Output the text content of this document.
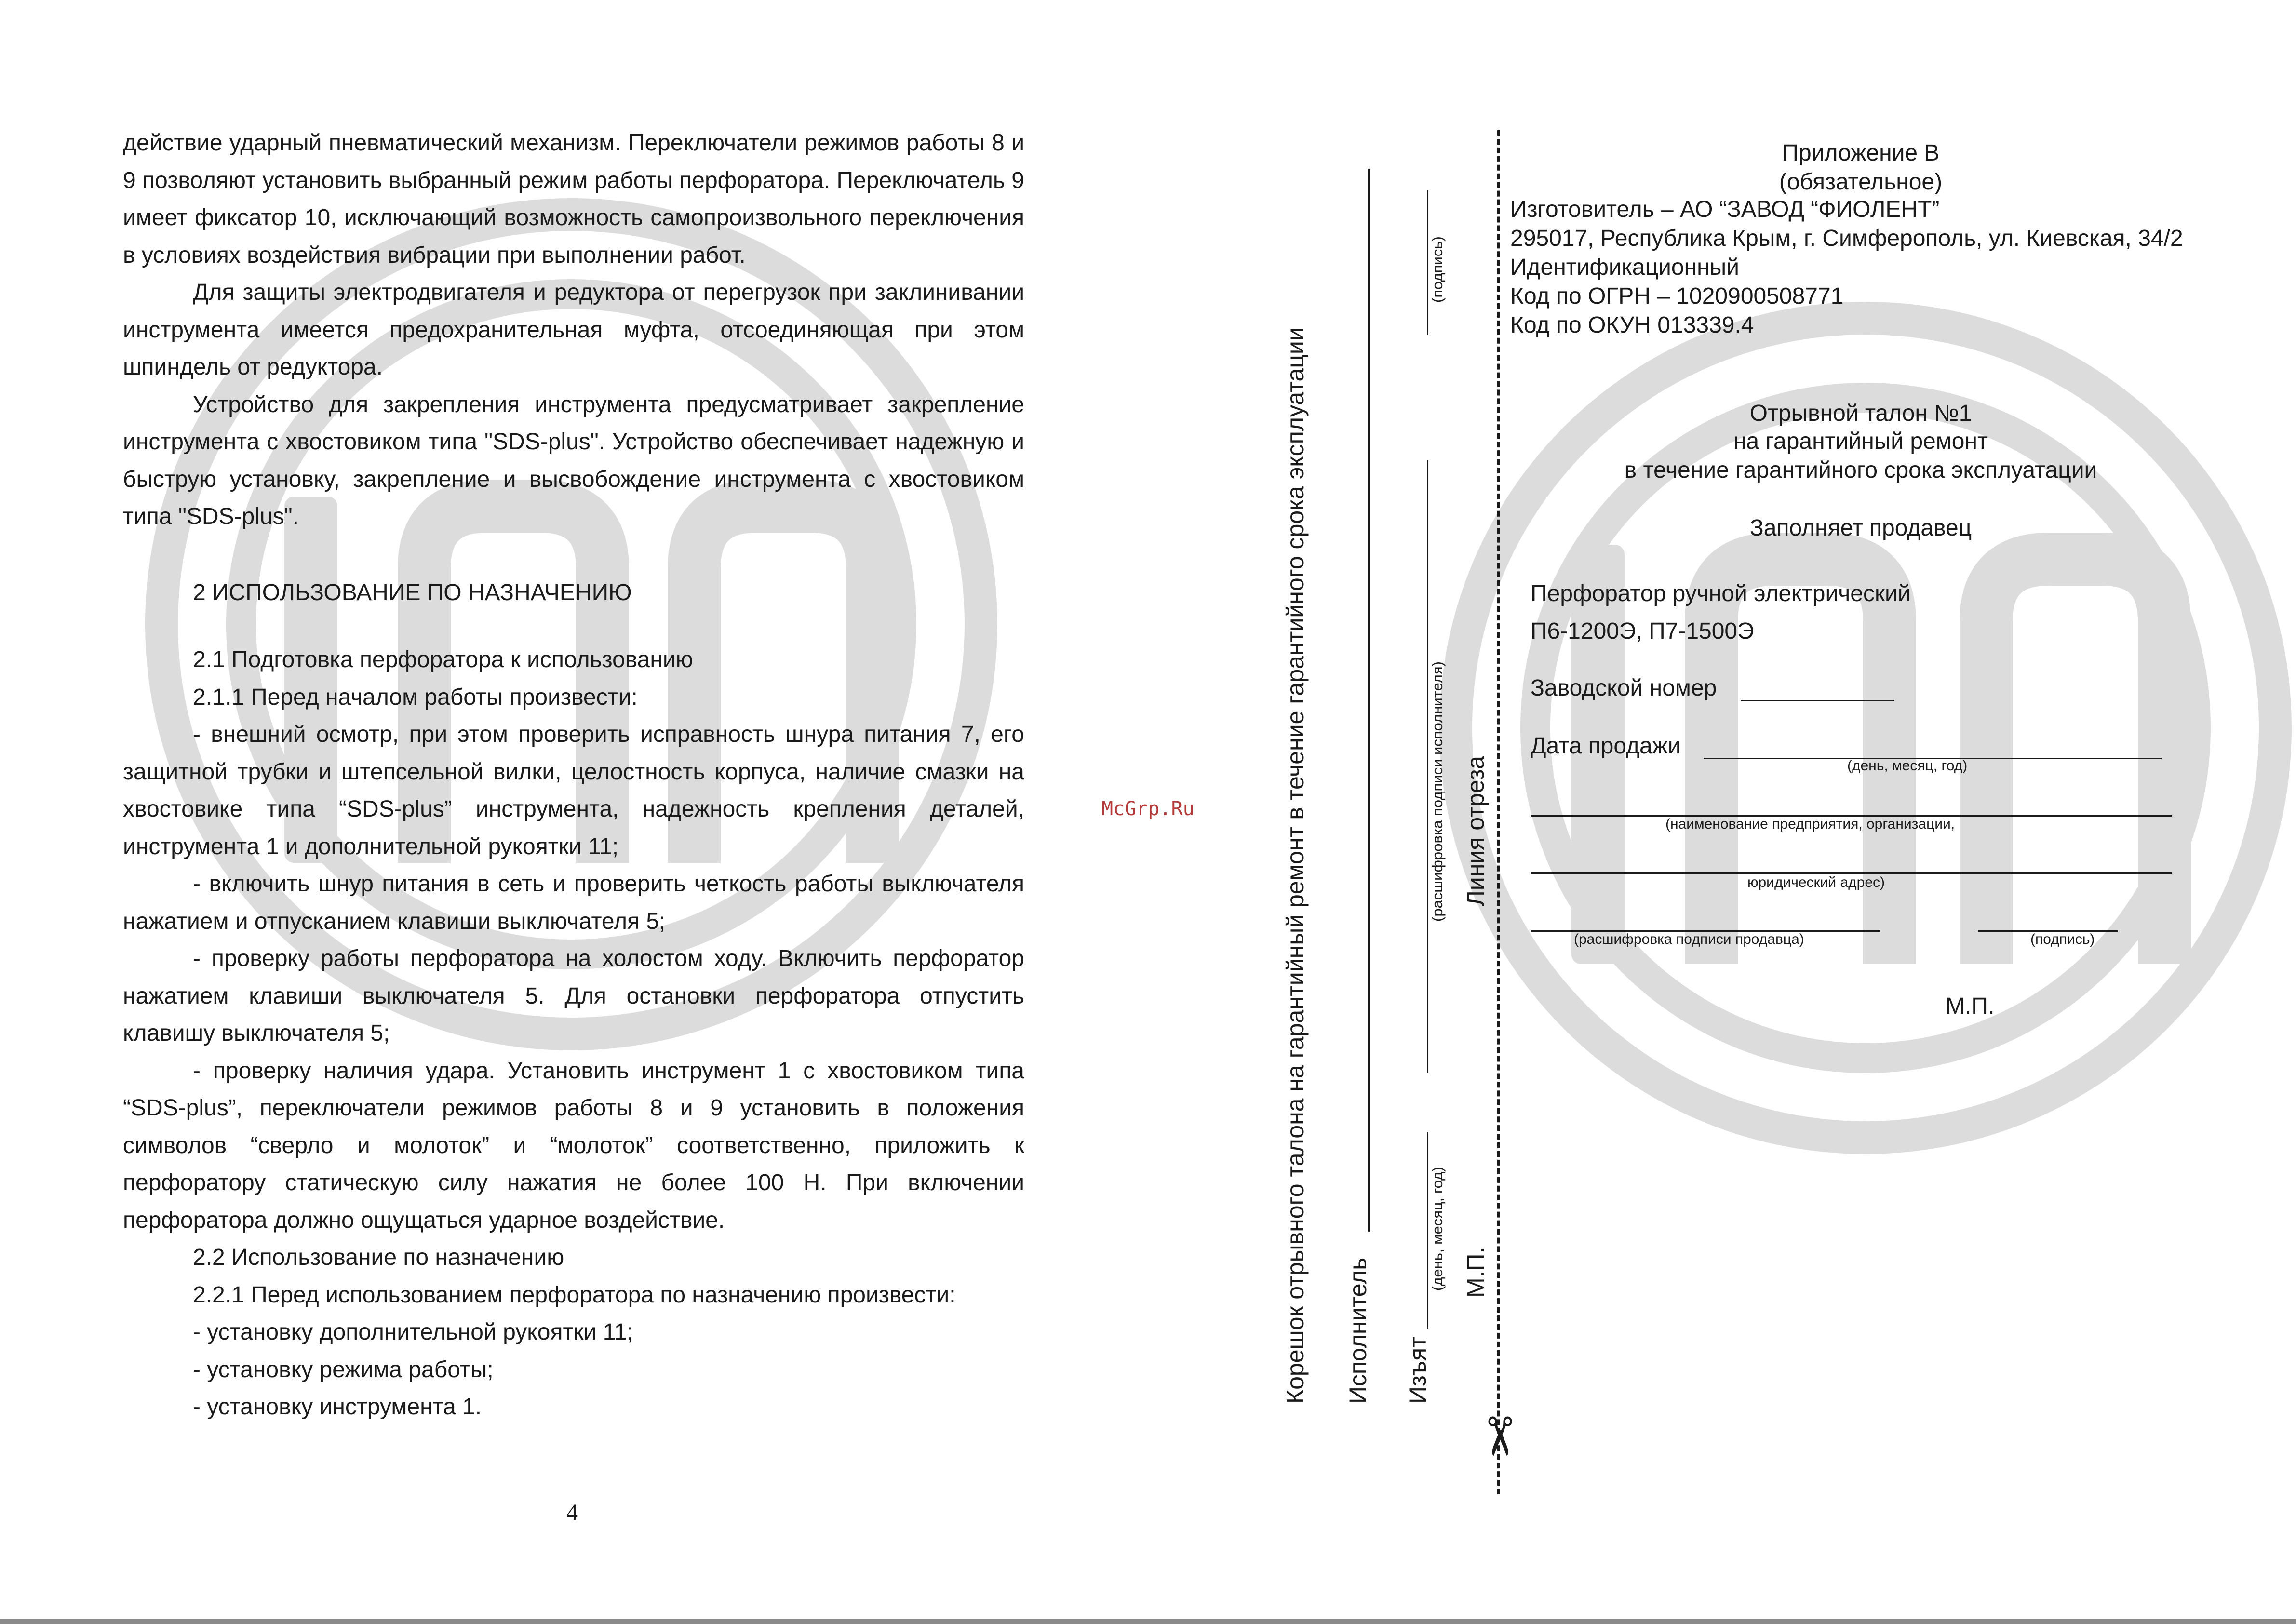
действие ударный пневматический механизм. Переключатели режимов работы 8 и 9 позволяют установить выбранный режим работы перфоратора. Переключатель 9 имеет фиксатор 10, исключающий возможность самопроизвольного переключения в условиях воздействия вибрации при выполнении работ.

Для защиты электродвигателя и редуктора от перегрузок при заклинивании инструмента имеется предохранительная муфта, отсоединяющая при этом шпиндель от редуктора.

Устройство для закрепления инструмента предусматривает закрепление инструмента с хвостовиком типа "SDS-plus". Устройство обеспечивает надежную и быструю установку, закрепление и высвобождение инструмента с хвостовиком типа "SDS-plus".

2 ИСПОЛЬЗОВАНИЕ ПО НАЗНАЧЕНИЮ

2.1 Подготовка перфоратора к использованию

2.1.1 Перед началом работы произвести:

- внешний осмотр, при этом проверить исправность шнура питания 7, его защитной трубки и штепсельной вилки, целостность корпуса, наличие смазки на хвостовике типа “SDS-plus” инструмента, надежность крепления деталей, инструмента 1 и дополнительной рукоятки 11;

- включить шнур питания в сеть и проверить четкость работы выключателя нажатием и отпусканием клавиши выключателя 5;

- проверку работы перфоратора на холостом ходу. Включить перфоратор нажатием клавиши выключателя 5. Для остановки перфоратора отпустить клавишу выключателя 5;

- проверку наличия удара. Установить инструмент 1 с хвостовиком типа “SDS-plus”, переключатели режимов работы 8 и 9 установить в положения символов “сверло и молоток” и “молоток” соответственно, приложить к перфоратору статическую силу нажатия не более 100 Н. При включении перфоратора должно ощущаться ударное воздействие.

2.2 Использование по назначению

2.2.1 Перед использованием перфоратора по назначению произвести:

- установку дополнительной рукоятки 11;

- установку режима работы;

- установку инструмента 1.

4
McGrp.Ru	Корешок отрывного талона на гарантийный ремонт в течение гарантийного срока эксплуатации Исполнитель
(подпись)
(расшифровка подписи исполнителя)
Изъят
(день, месяц, год) М.П.
Линия отреза
✂
Приложение В
(обязательное)
Изготовитель – АО “ЗАВОД “ФИОЛЕНТ”
295017, Республика Крым, г. Симферополь, ул. Киевская, 34/2
Идентификационный
Код по ОГРН – 1020900508771
Код по ОКУН 013339.4
Отрывной талон №1
на гарантийный ремонт
в течение гарантийного срока эксплуатации
Заполняет продавец
Перфоратор ручной электрический
П6-1200Э, П7-1500Э
Заводской номер
Дата продажи
(день, месяц, год)
(наименование предприятия, организации,
юридический адрес)
(расшифровка подписи продавца)	(подпись)
М.П.
